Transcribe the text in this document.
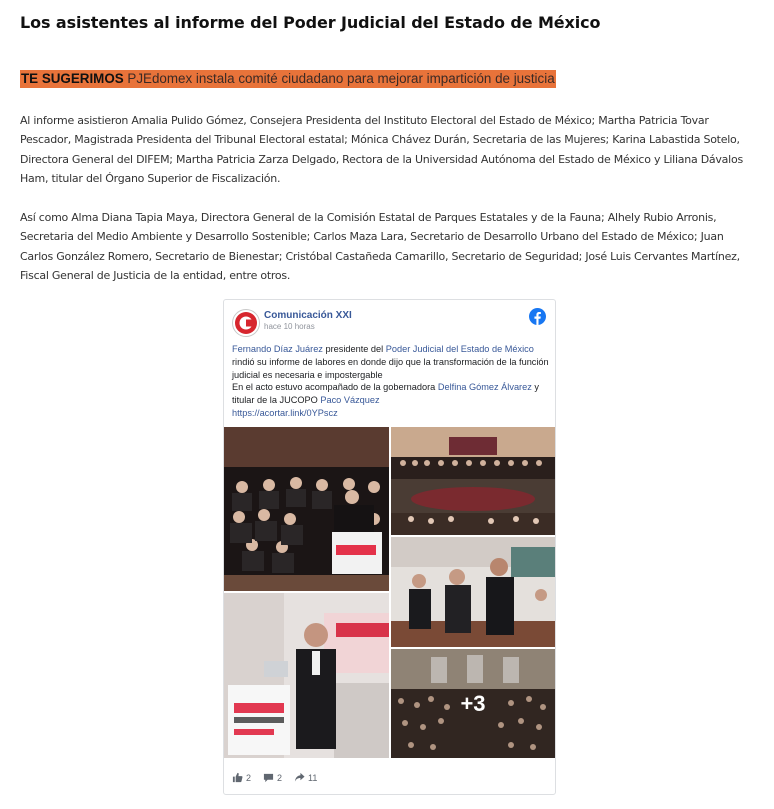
Los asistentes al informe del Poder Judicial del Estado de México
TE SUGERIMOS PJEdomex instala comité ciudadano para mejorar impartición de justicia

Al informe asistieron Amalia Pulido Gómez, Consejera Presidenta del Instituto Electoral del Estado de México; Martha Patricia Tovar Pescador, Magistrada Presidenta del Tribunal Electoral estatal; Mónica Chávez Durán, Secretaria de las Mujeres; Karina Labastida Sotelo, Directora General del DIFEM; Martha Patricia Zarza Delgado, Rectora de la Universidad Autónoma del Estado de México y Liliana Dávalos Ham, titular del Órgano Superior de Fiscalización.

Así como Alma Diana Tapia Maya, Directora General de la Comisión Estatal de Parques Estatales y de la Fauna; Alhely Rubio Arronis, Secretaria del Medio Ambiente y Desarrollo Sostenible; Carlos Maza Lara, Secretario de Desarrollo Urbano del Estado de México; Juan Carlos González Romero, Secretario de Bienestar; Cristóbal Castañeda Camarillo, Secretario de Seguridad; José Luis Cervantes Martínez, Fiscal General de Justicia de la entidad, entre otros.

Comunicación XXI
hace 10 horas
Fernando Díaz Juárez presidente del Poder Judicial del Estado de México rindió su informe de labores en donde dijo que la transformación de la función judicial es necesaria e impostergable
En el acto estuvo acompañado de la gobernadora Delfina Gómez Álvarez y titular de la JUCOPO Paco Vázquez
https://acortar.link/0YPscz
+3
2	2	11
